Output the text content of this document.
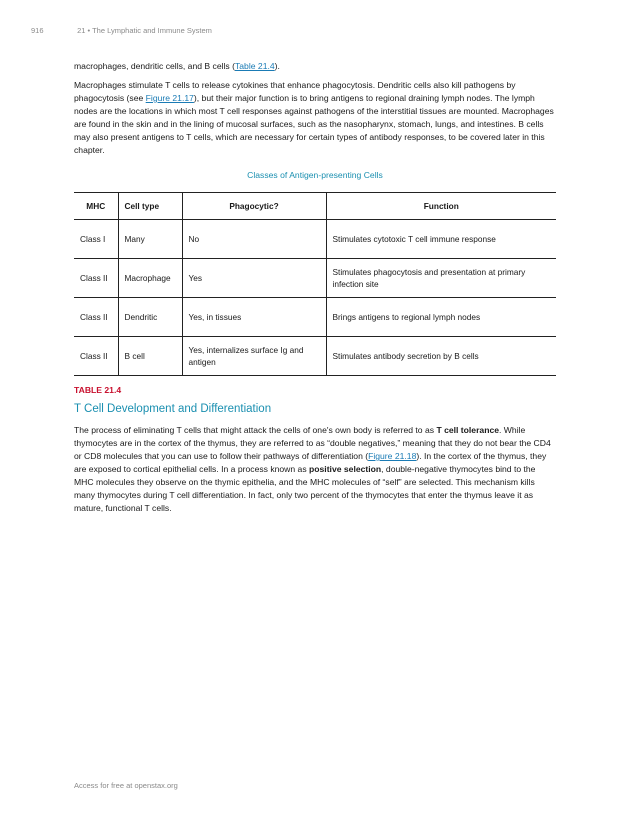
916	21 • The Lymphatic and Immune System

macrophages, dendritic cells, and B cells (Table 21.4).

Macrophages stimulate T cells to release cytokines that enhance phagocytosis. Dendritic cells also kill pathogens by phagocytosis (see Figure 21.17), but their major function is to bring antigens to regional draining lymph nodes. The lymph nodes are the locations in which most T cell responses against pathogens of the interstitial tissues are mounted. Macrophages are found in the skin and in the lining of mucosal surfaces, such as the nasopharynx, stomach, lungs, and intestines. B cells may also present antigens to T cells, which are necessary for certain types of antibody responses, to be covered later in this chapter.

Classes of Antigen-presenting Cells
MHC	Cell type	Phagocytic?	Function
Class I	Many	No	Stimulates cytotoxic T cell immune response
Class II	Macrophage	Yes	Stimulates phagocytosis and presentation at primary infection site
Class II	Dendritic	Yes, in tissues	Brings antigens to regional lymph nodes
Class II	B cell	Yes, internalizes surface Ig and antigen	Stimulates antibody secretion by B cells
TABLE 21.4
T Cell Development and Differentiation

The process of eliminating T cells that might attack the cells of one's own body is referred to as T cell tolerance. While thymocytes are in the cortex of the thymus, they are referred to as “double negatives,” meaning that they do not bear the CD4 or CD8 molecules that you can use to follow their pathways of differentiation (Figure 21.18). In the cortex of the thymus, they are exposed to cortical epithelial cells. In a process known as positive selection, double-negative thymocytes bind to the MHC molecules they observe on the thymic epithelia, and the MHC molecules of “self” are selected. This mechanism kills many thymocytes during T cell differentiation. In fact, only two percent of the thymocytes that enter the thymus leave it as mature, functional T cells.

Access for free at openstax.org
